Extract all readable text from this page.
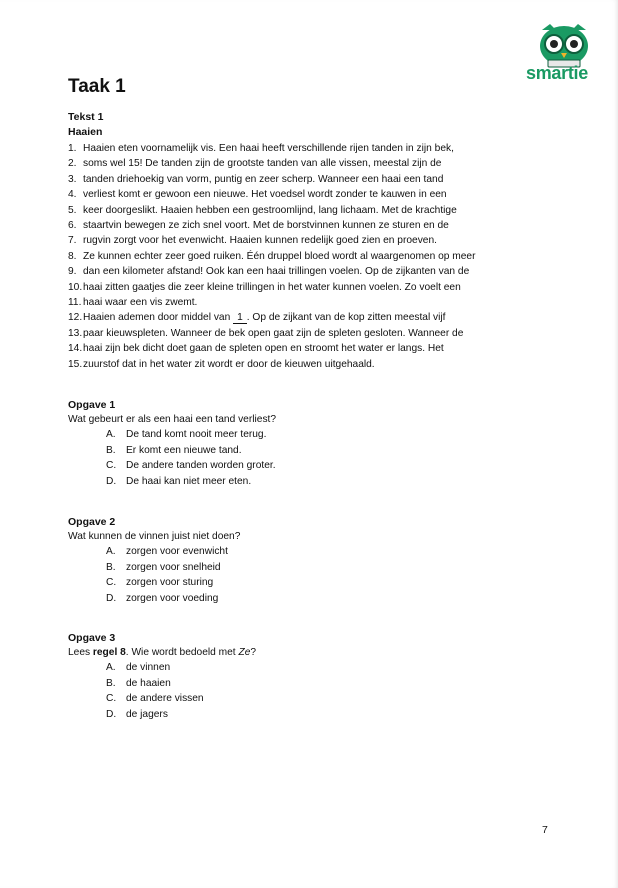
smartie
Taak 1
Tekst 1
Haaien
1. Haaien eten voornamelijk vis. Een haai heeft verschillende rijen tanden in zijn bek,
2. soms wel 15! De tanden zijn de grootste tanden van alle vissen, meestal zijn de
3. tanden driehoekig van vorm, puntig en zeer scherp. Wanneer een haai een tand
4. verliest komt er gewoon een nieuwe. Het voedsel wordt zonder te kauwen in een
5. keer doorgeslikt. Haaien hebben een gestroomlijnd, lang lichaam. Met de krachtige
6. staartvin bewegen ze zich snel voort. Met de borstvinnen kunnen ze sturen en de
7. rugvin zorgt voor het evenwicht. Haaien kunnen redelijk goed zien en proeven.
8. Ze kunnen echter zeer goed ruiken. Één druppel bloed wordt al waargenomen op meer
9. dan een kilometer afstand! Ook kan een haai trillingen voelen. Op de zijkanten van de
10. haai zitten gaatjes die zeer kleine trillingen in het water kunnen voelen. Zo voelt een
11. haai waar een vis zwemt.
12. Haaien ademen door middel van 1 . Op de zijkant van de kop zitten meestal vijf
13. paar kieuwspleten. Wanneer de bek open gaat zijn de spleten gesloten. Wanneer de
14. haai zijn bek dicht doet gaan de spleten open en stroomt het water er langs. Het
15. zuurstof dat in het water zit wordt er door de kieuwen uitgehaald.
Opgave 1
Wat gebeurt er als een haai een tand verliest?
A.	De tand komt nooit meer terug.
B.	Er komt een nieuwe tand.
C. De andere tanden worden groter.
D. De haai kan niet meer eten.
Opgave 2
Wat kunnen de vinnen juist niet doen?
A.	zorgen voor evenwicht
B.	zorgen voor snelheid
C. zorgen voor sturing
D. zorgen voor voeding
Opgave 3
Lees regel 8. Wie wordt bedoeld met Ze?
A.	de vinnen
B.	de haaien
C. de andere vissen
D. de jagers
7
